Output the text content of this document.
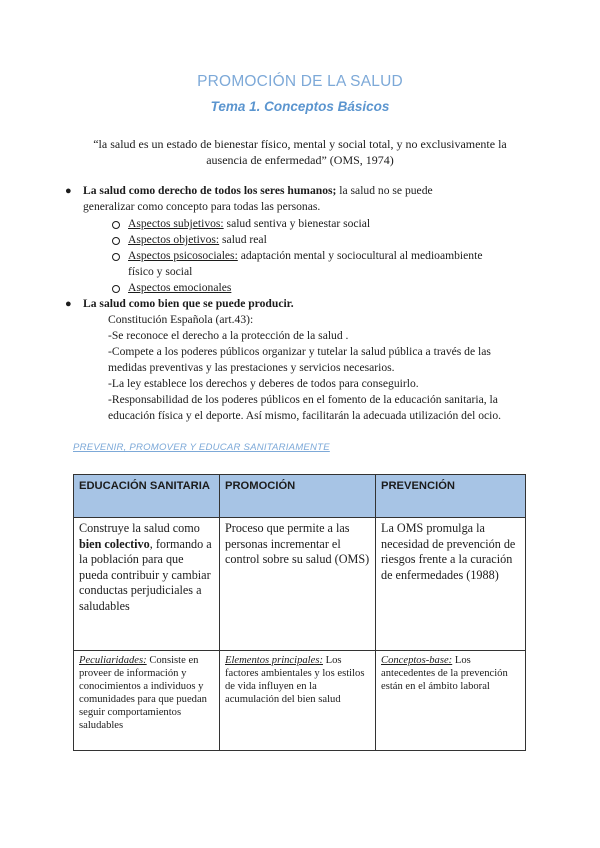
PROMOCIÓN DE LA SALUD
Tema 1. Conceptos Básicos
“la salud es un estado de bienestar físico, mental y social total, y no exclusivamente la
ausencia de enfermedad” (OMS, 1974)
● La salud como derecho de todos los seres humanos; la salud no se puede
generalizar como concepto para todas las personas.
Aspectos subjetivos: salud sentiva y bienestar social
Aspectos objetivos: salud real
Aspectos psicosociales: adaptación mental y sociocultural al medioambiente
físico y social
Aspectos emocionales
● La salud como bien que se puede producir.
Constitución Española (art.43):
-Se reconoce el derecho a la protección de la salud .
-Compete a los poderes públicos organizar y tutelar la salud pública a través de las
medidas preventivas y las prestaciones y servicios necesarios.
-La ley establece los derechos y deberes de todos para conseguirlo.
-Responsabilidad de los poderes públicos en el fomento de la educación sanitaria, la
educación física y el deporte. Así mismo, facilitarán la adecuada utilización del ocio.
PREVENIR, PROMOVER Y EDUCAR SANITARIAMENTE
EDUCACIÓN SANITARIA	PROMOCIÓN	PREVENCIÓN
Construye la salud como bien colectivo, formando a la población para que pueda contribuir y cambiar conductas perjudiciales a saludables	Proceso que permite a las personas incrementar el control sobre su salud (OMS)	La OMS promulga la necesidad de prevención de riesgos frente a la curación de enfermedades (1988)
Peculiaridades: Consiste en proveer de información y conocimientos a individuos y comunidades para que puedan seguir comportamientos saludables	Elementos principales: Los factores ambientales y los estilos de vida influyen en la acumulación del bien salud	Conceptos-base: Los antecedentes de la prevención están en el ámbito laboral
